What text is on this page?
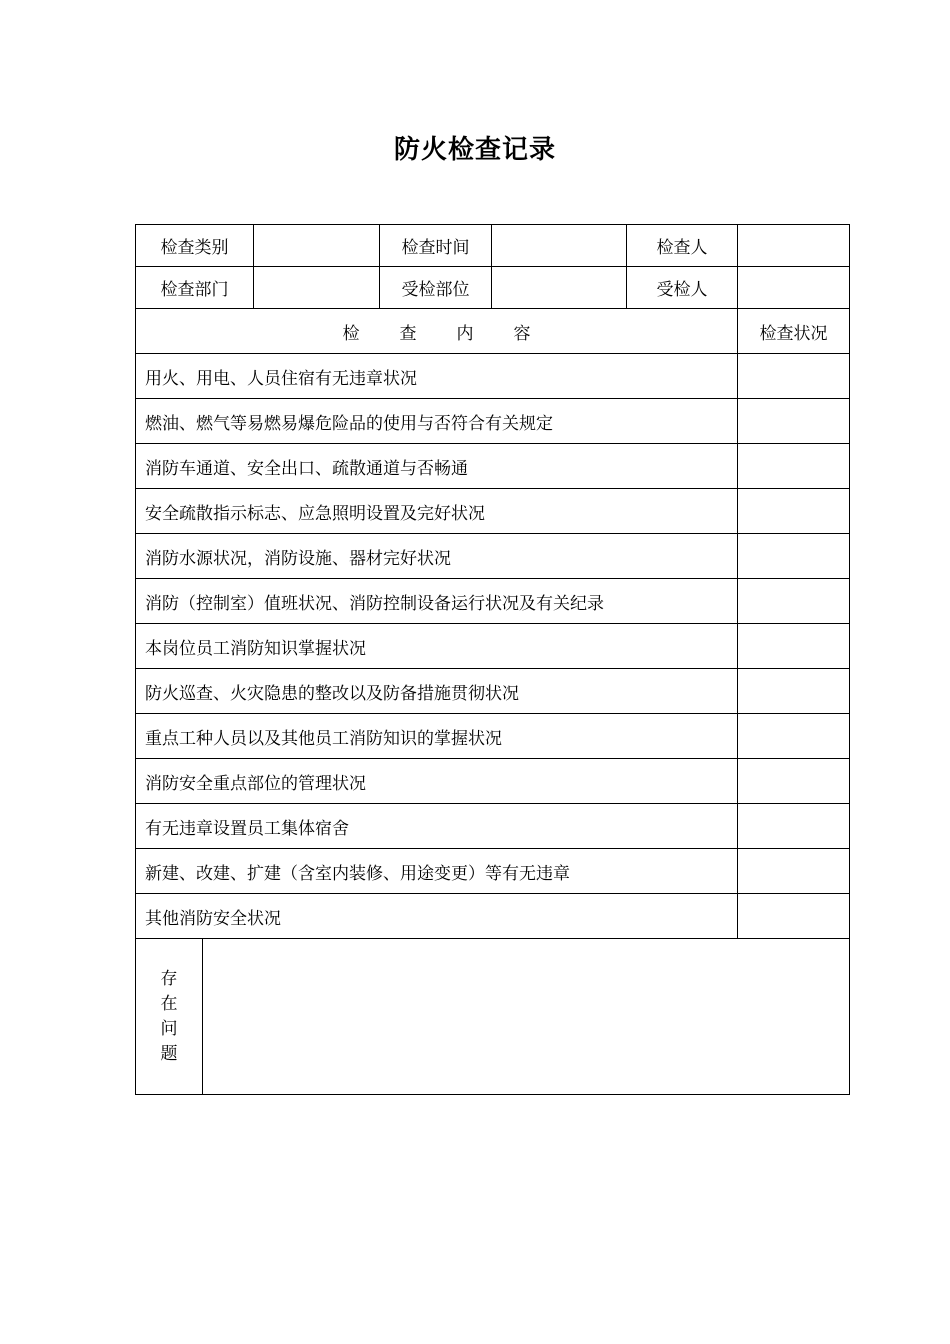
防火检查记录
检查类别			检查时间		检查人	
检查部门			受检部位		受检人	
检查内容						检查状况
用火、用电、人员住宿有无违章状况						
燃油、燃气等易燃易爆危险品的使用与否符合有关规定						
消防车通道、安全出口、疏散通道与否畅通						
安全疏散指示标志、应急照明设置及完好状况						
消防水源状况，消防设施、器材完好状况						
消防（控制室）值班状况、消防控制设备运行状况及有关纪录						
本岗位员工消防知识掌握状况						
防火巡查、火灾隐患的整改以及防备措施贯彻状况						
重点工种人员以及其他员工消防知识的掌握状况						
消防安全重点部位的管理状况						
有无违章设置员工集体宿舍						
新建、改建、扩建（含室内装修、用途变更）等有无违章						
其他消防安全状况						

存
在
问
题						
